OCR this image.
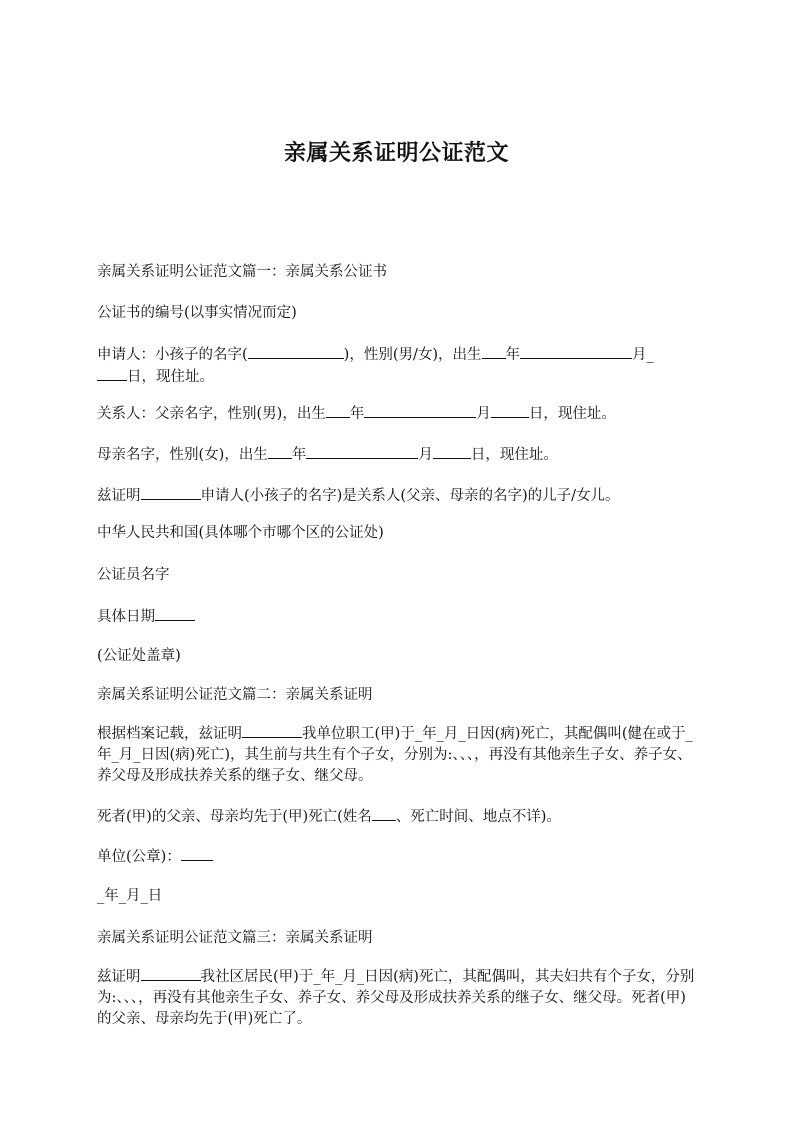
亲属关系证明公证范文

亲属关系证明公证范文篇一：亲属关系公证书

公证书的编号(以事实情况而定)

申请人：小孩子的名字(	)，性别(男/女)，出生 年	月_
日，现住址。

关系人：父亲名字，性别(男)，出生 年	月	日，现住址。

母亲名字，性别(女)，出生 年	月	日，现住址。

兹证明	申请人(小孩子的名字)是关系人(父亲、母亲的名字)的儿子/女儿。

中华人民共和国(具体哪个市哪个区的公证处)

公证员名字

具体日期

(公证处盖章)

亲属关系证明公证范文篇二：亲属关系证明

根据档案记载，兹证明	我单位职工(甲)于_年_月_日因(病)死亡，其配偶叫(健在或于_年_月_日因(病)死亡)，其生前与共生有个子女，分别为:、、、，再没有其他亲生子女、养子女、养父母及形成扶养关系的继子女、继父母。

死者(甲)的父亲、母亲均先于(甲)死亡(姓名 、死亡时间、地点不详)。

单位(公章)：

_年_月_日

亲属关系证明公证范文篇三：亲属关系证明

兹证明	我社区居民(甲)于_年_月_日因(病)死亡，其配偶叫，其夫妇共有个子女，分别为:、、、，再没有其他亲生子女、养子女、养父母及形成扶养关系的继子女、继父母。死者(甲)的父亲、母亲均先于(甲)死亡了。
